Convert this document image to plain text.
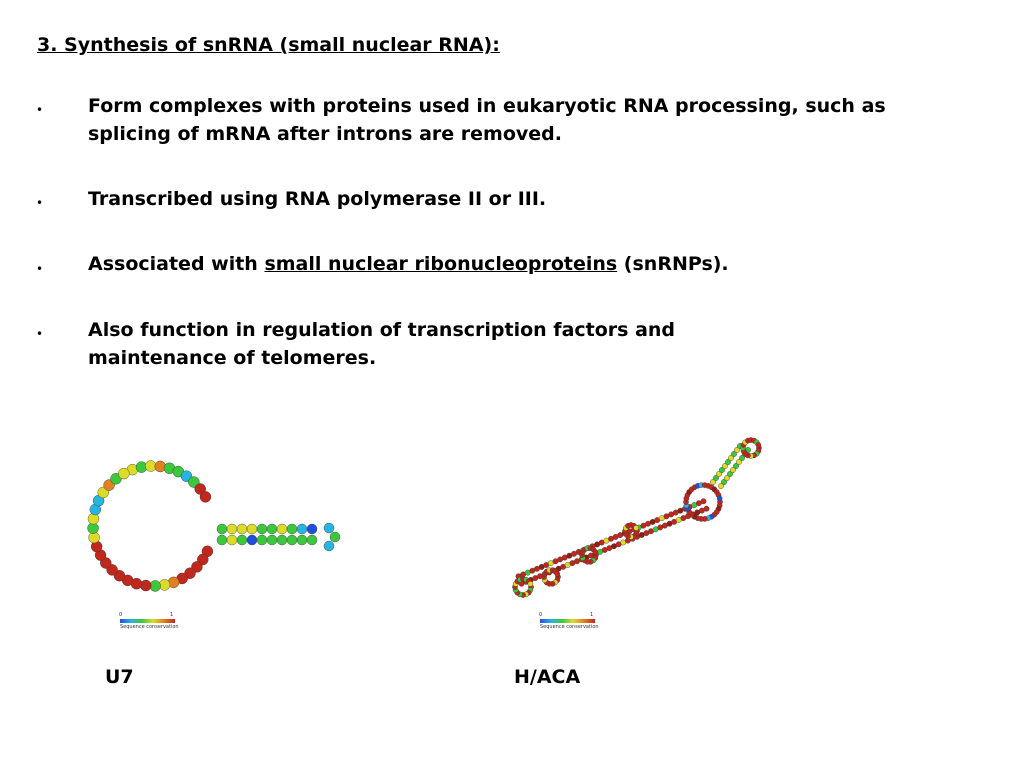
3. Synthesis of snRNA (small nuclear RNA):
• Form complexes with proteins used in eukaryotic RNA processing, such as splicing of mRNA after introns are removed.
• Transcribed using RNA polymerase II or III.
• Associated with small nuclear ribonucleoproteins (snRNPs).
• Also function in regulation of transcription factors and maintenance of telomeres.
0	1
Sequence conservation
U7
0	1
Sequence conservation
H/ACA
